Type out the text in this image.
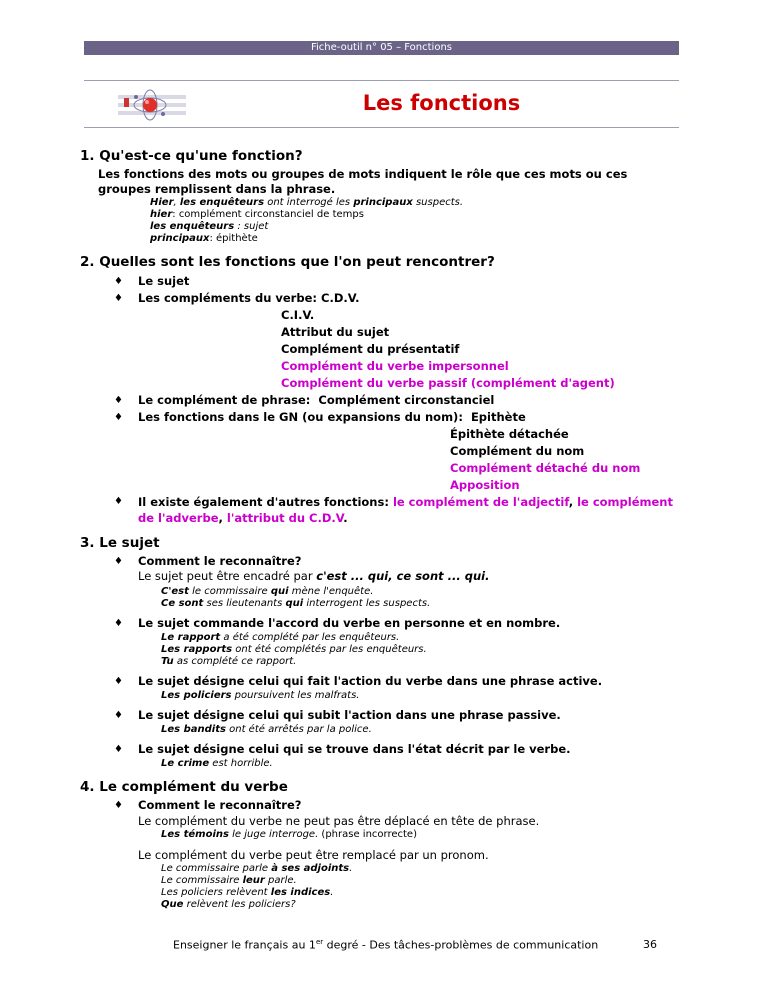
Fiche-outil n° 05 – Fonctions
Les fonctions
1. Qu'est-ce qu'une fonction?
Les fonctions des mots ou groupes de mots indiquent le rôle que ces mots ou ces
groupes remplissent dans la phrase.
Hier, les enquêteurs ont interrogé les principaux suspects.
hier: complément circonstanciel de temps
les enquêteurs : sujet
principaux: épithète
2. Quelles sont les fonctions que l'on peut rencontrer?
♦ Le sujet
♦ Les compléments du verbe: C.D.V.
C.I.V.
Attribut du sujet
Complément du présentatif
Complément du verbe impersonnel
Complément du verbe passif (complément d'agent)
♦ Le complément de phrase: Complément circonstanciel
♦ Les fonctions dans le GN (ou expansions du nom): Epithète
Épithète détachée
Complément du nom
Complément détaché du nom
Apposition
♦ Il existe également d'autres fonctions: le complément de l'adjectif, le complément
de l'adverbe, l'attribut du C.D.V.
3. Le sujet
♦ Comment le reconnaître?
Le sujet peut être encadré par c'est ... qui, ce sont ... qui.
C'est le commissaire qui mène l'enquête.
Ce sont ses lieutenants qui interrogent les suspects.
♦ Le sujet commande l'accord du verbe en personne et en nombre.
Le rapport a été complété par les enquêteurs.
Les rapports ont été complétés par les enquêteurs.
Tu as complété ce rapport.
♦ Le sujet désigne celui qui fait l'action du verbe dans une phrase active.
Les policiers poursuivent les malfrats.
♦ Le sujet désigne celui qui subit l'action dans une phrase passive.
Les bandits ont été arrêtés par la police.
♦ Le sujet désigne celui qui se trouve dans l'état décrit par le verbe.
Le crime est horrible.
4. Le complément du verbe
♦ Comment le reconnaître?
Le complément du verbe ne peut pas être déplacé en tête de phrase.
Les témoins le juge interroge. (phrase incorrecte)
Le complément du verbe peut être remplacé par un pronom.
Le commissaire parle à ses adjoints.
Le commissaire leur parle.
Les policiers relèvent les indices.
Que relèvent les policiers?
Enseigner le français au 1er degré - Des tâches-problèmes de communication	36
